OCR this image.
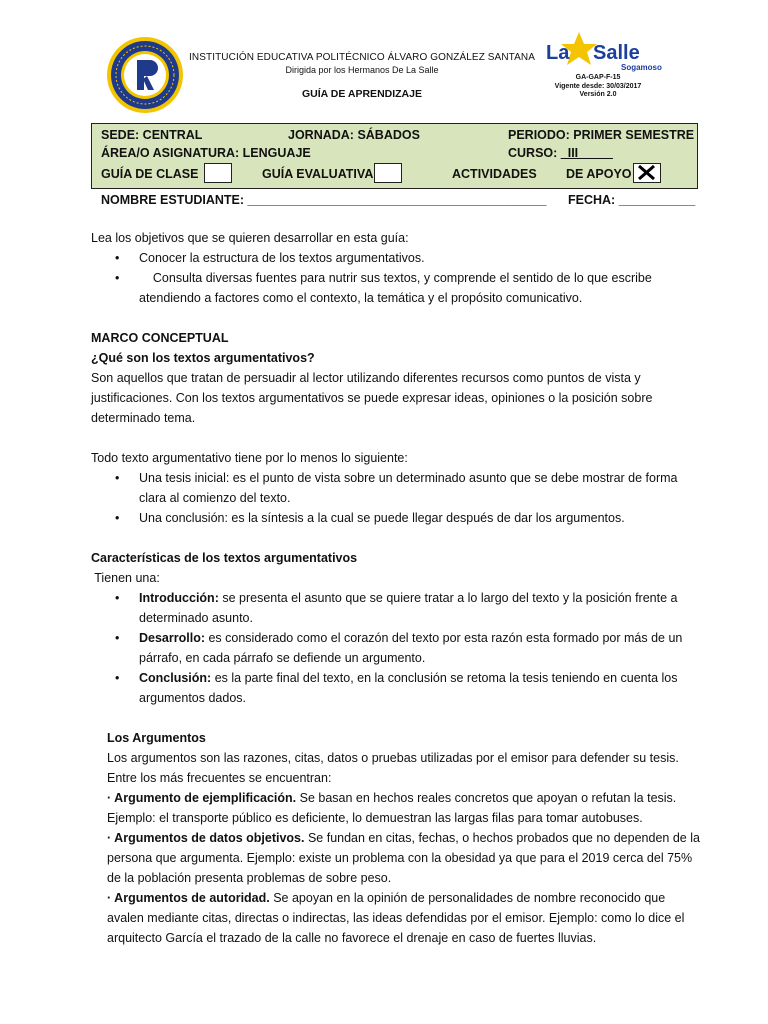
INSTITUCIÓN EDUCATIVA POLITÉCNICO ÁLVARO GONZÁLEZ SANTANA
Dirigida por los Hermanos De La Salle
GUÍA DE APRENDIZAJE
La Salle
Sogamoso
GA-GAP-F-15
Vigente desde: 30/03/2017
Versión 2.0
SEDE: CENTRAL	JORNADA: SÁBADOS	PERIODO: PRIMER SEMESTRE
ÁREA/O ASIGNATURA: LENGUAJE	CURSO: _III_____
GUÍA DE CLASE	GUÍA EVALUATIVA	ACTIVIDADES DE APOYO
NOMBRE ESTUDIANTE: ___________________________________________ FECHA: ___________

Lea los objetivos que se quieren desarrollar en esta guía:

• Conocer la estructura de los textos argumentativos.

•     Consulta diversas fuentes para nutrir sus textos, y comprende el sentido de lo que escribe atendiendo a factores como el contexto, la temática y el propósito comunicativo.

MARCO CONCEPTUAL

¿Qué son los textos argumentativos?

Son aquellos que tratan de persuadir al lector utilizando diferentes recursos como puntos de vista y justificaciones. Con los textos argumentativos se puede expresar ideas, opiniones o la posición sobre determinado tema.

Todo texto argumentativo tiene por lo menos lo siguiente:

• Una tesis inicial: es el punto de vista sobre un determinado asunto que se debe mostrar de forma clara al comienzo del texto.

• Una conclusión: es la síntesis a la cual se puede llegar después de dar los argumentos.

Características de los textos argumentativos

Tienen una:

• Introducción: se presenta el asunto que se quiere tratar a lo largo del texto y la posición frente a determinado asunto.

• Desarrollo: es considerado como el corazón del texto por esta razón esta formado por más de un párrafo, en cada párrafo se defiende un argumento.

• Conclusión: es la parte final del texto, en la conclusión se retoma la tesis teniendo en cuenta los argumentos dados.

Los Argumentos

Los argumentos son las razones, citas, datos o pruebas utilizadas por el emisor para defender su tesis. Entre los más frecuentes se encuentran:

· Argumento de ejemplificación. Se basan en hechos reales concretos que apoyan o refutan la tesis. Ejemplo: el transporte público es deficiente, lo demuestran las largas filas para tomar autobuses.

· Argumentos de datos objetivos. Se fundan en citas, fechas, o hechos probados que no dependen de la persona que argumenta. Ejemplo: existe un problema con la obesidad ya que para el 2019 cerca del 75% de la población presenta problemas de sobre peso.

· Argumentos de autoridad. Se apoyan en la opinión de personalidades de nombre reconocido que avalen mediante citas, directas o indirectas, las ideas defendidas por el emisor. Ejemplo: como lo dice el arquitecto García el trazado de la calle no favorece el drenaje en caso de fuertes lluvias.
